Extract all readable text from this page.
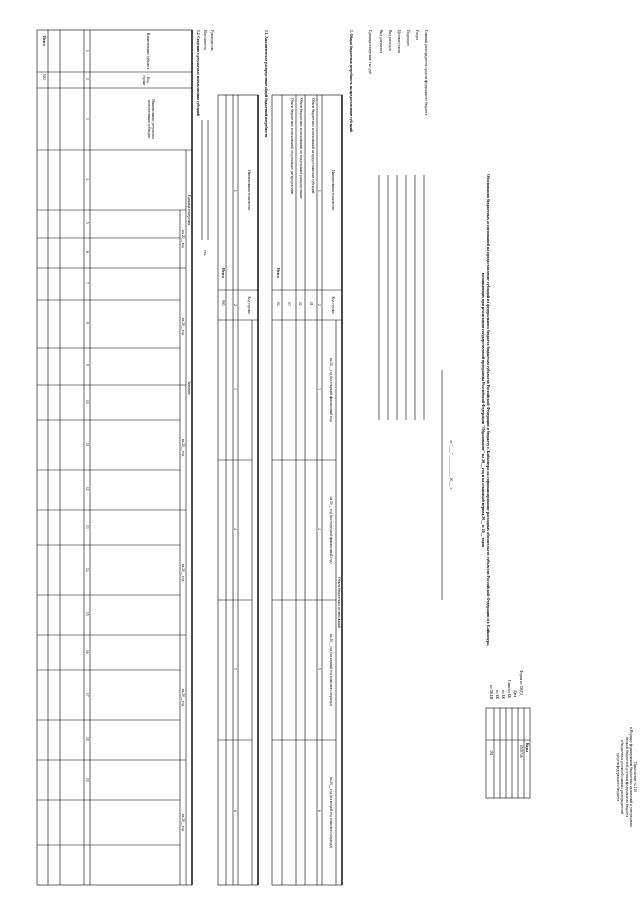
Приложение № 110
к Порядку формирования бюджетных назначений и утверждения
сводной бюджетной росписи федерального бюджета
и бюджетных росписей главных распорядителей
средств федерального бюджета
Обоснования бюджетных ассигнований на предоставление субсидий из федерального бюджета бюджетам субъектов Российской Федерации и бюджету г. Байконура на софинансирование расходных обязательств субъектов Российской Федерации и г. Байконура,
возникающих при реализации государственной программы Российской Федерации "Образование" на 20__ год и на плановый период 20__ и 20__ годов
Коды
Форма по ОКУД
Дата
Глава по БК
по БК
по БК
по ОКЕИ
0505746
384
от "____" ____________ 20___ г.
Главный распорядитель средств федерального бюджета
Раздел
Подраздел
Целевая статья
Вид расходов
Вид документа
Единица измерения: тыс руб
1. Общая бюджетная потребность на предоставление субсидий
Наименование показателя
Код строки
Объем бюджетных ассигнований
на 20__ год (на текущий финансовый год)
на 20__ год (на очередной финансовый год)
на 20__ год (на первый год планового периода)
на 20__ год (на второй год планового периода)
1
2
3
4
5
6
Объем бюджетных ассигнований на предоставление субсидий
01
Объем бюджетных ассигнований, не подлежащих распределению
02
Объем бюджетных ассигнований, подлежащих распределению
03
Итого
04
1.1. Аналитическое распределение общей бюджетной потребности
Наименование показателя
Код строки
1
2
3
4
5
6
Итого
900
1.2. Сведения о результатах использования субсидий
Наименование субъекта
Код строки
Наименование результата использования субсидии
Единица измерения
Значение
на 20__ год
на 20__ год
на 20__ год
на 20__ год
на 20__ год
на 20__ год
1
2
3
4
5
6
7
8
9
10
11
12
13
14
15
16
17
18
19
Итого
900
Руководитель
Исполнитель
тел.
